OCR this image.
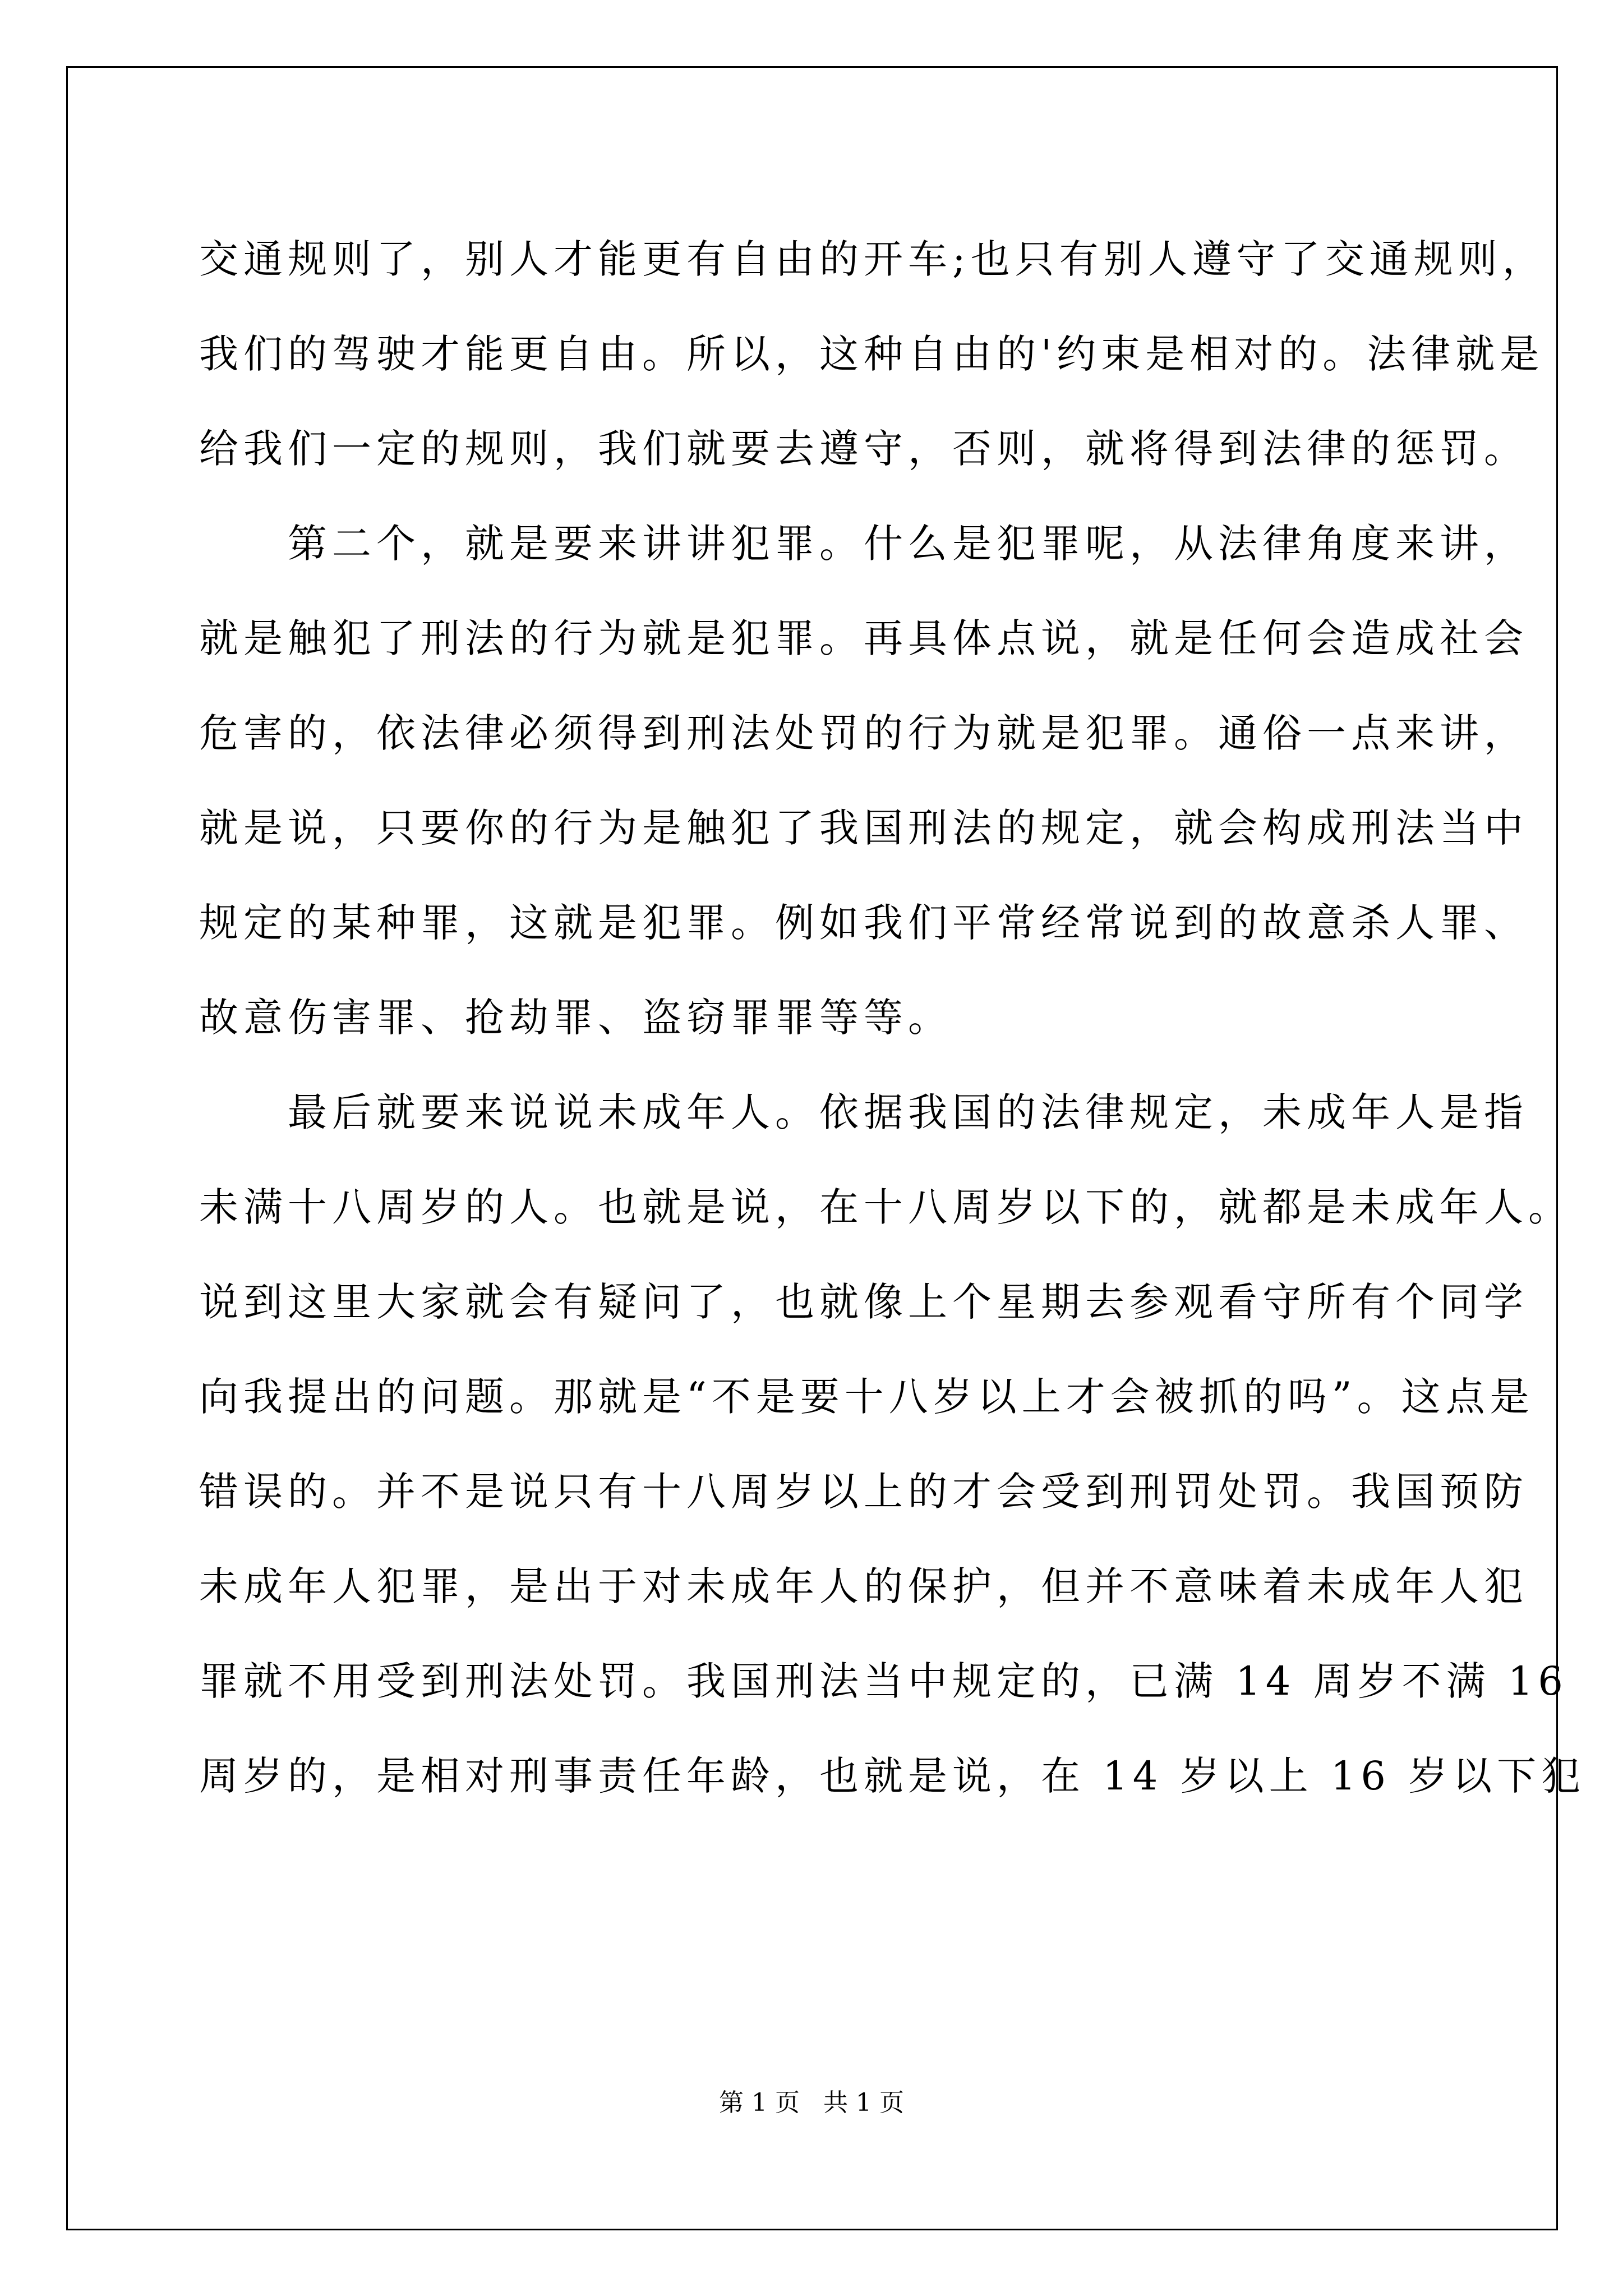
交通规则了，别人才能更有自由的开车;也只有别人遵守了交通规则，
我们的驾驶才能更自由。所以，这种自由的'约束是相对的。法律就是
给我们一定的规则，我们就要去遵守，否则，就将得到法律的惩罚。
　　第二个，就是要来讲讲犯罪。什么是犯罪呢，从法律角度来讲，
就是触犯了刑法的行为就是犯罪。再具体点说，就是任何会造成社会
危害的，依法律必须得到刑法处罚的行为就是犯罪。通俗一点来讲，
就是说，只要你的行为是触犯了我国刑法的规定，就会构成刑法当中
规定的某种罪，这就是犯罪。例如我们平常经常说到的故意杀人罪、
故意伤害罪、抢劫罪、盗窃罪罪等等。
　　最后就要来说说未成年人。依据我国的法律规定，未成年人是指
未满十八周岁的人。也就是说，在十八周岁以下的，就都是未成年人。
说到这里大家就会有疑问了，也就像上个星期去参观看守所有个同学
向我提出的问题。那就是“不是要十八岁以上才会被抓的吗”。这点是
错误的。并不是说只有十八周岁以上的才会受到刑罚处罚。我国预防
未成年人犯罪，是出于对未成年人的保护，但并不意味着未成年人犯
罪就不用受到刑法处罚。我国刑法当中规定的，已满 14 周岁不满 16
周岁的，是相对刑事责任年龄，也就是说，在 14 岁以上 16 岁以下犯
第 1 页   共 1 页
